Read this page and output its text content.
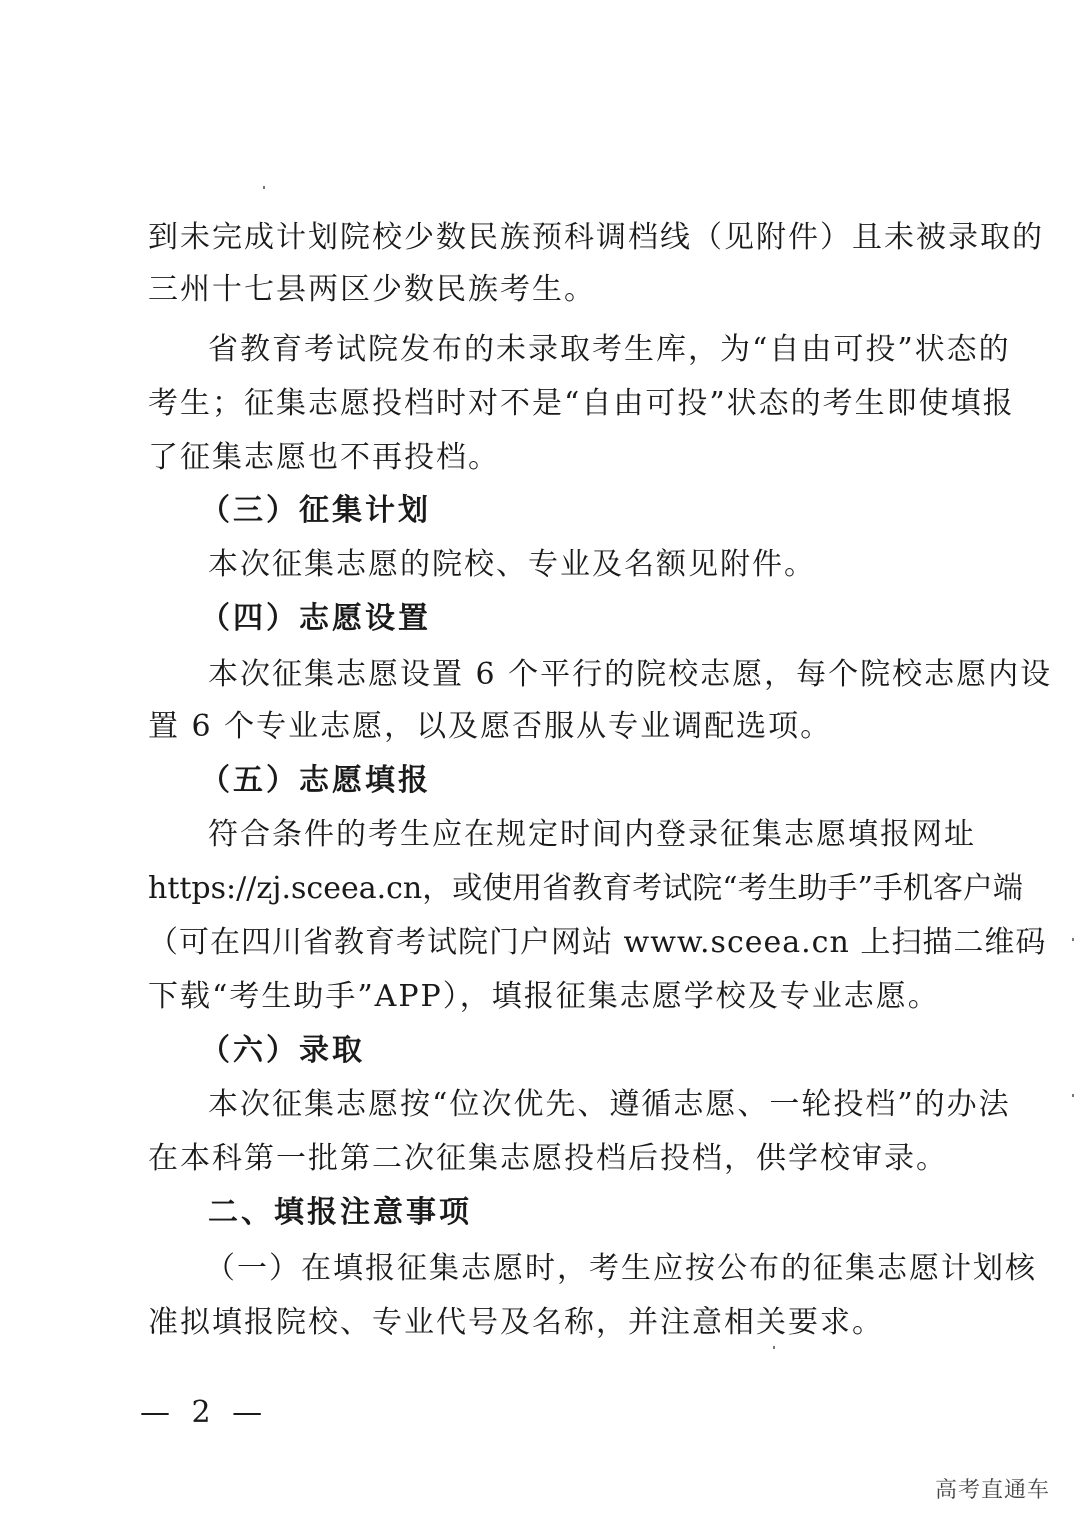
到未完成计划院校少数民族预科调档线（见附件）且未被录取的
三州十七县两区少数民族考生。
省教育考试院发布的未录取考生库，为“自由可投”状态的
考生；征集志愿投档时对不是“自由可投”状态的考生即使填报
了征集志愿也不再投档。
（三）征集计划
本次征集志愿的院校、专业及名额见附件。
（四）志愿设置
本次征集志愿设置 6 个平行的院校志愿，每个院校志愿内设
置 6 个专业志愿，以及愿否服从专业调配选项。
（五）志愿填报
符合条件的考生应在规定时间内登录征集志愿填报网址
https://zj.sceea.cn，或使用省教育考试院“考生助手”手机客户端
（可在四川省教育考试院门户网站 www.sceea.cn 上扫描二维码
下载“考生助手”APP），填报征集志愿学校及专业志愿。
（六）录取
本次征集志愿按“位次优先、遵循志愿、一轮投档”的办法
在本科第一批第二次征集志愿投档后投档，供学校审录。
二、填报注意事项
（一）在填报征集志愿时，考生应按公布的征集志愿计划核
准拟填报院校、专业代号及名称，并注意相关要求。
— 2 —
高考直通车
